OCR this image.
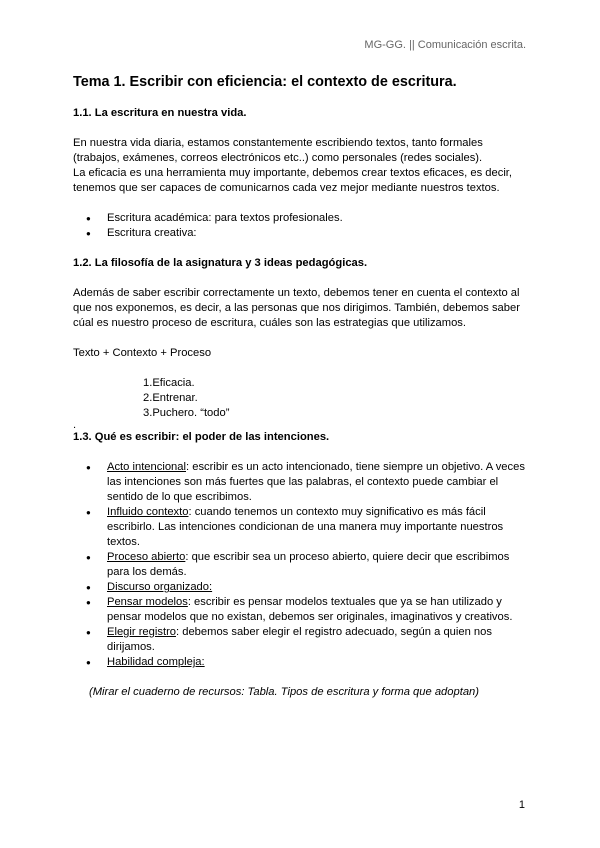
MG-GG. || Comunicación escrita.

Tema 1. Escribir con eficiencia: el contexto de escritura.

1.1. La escritura en nuestra vida.

En nuestra vida diaria, estamos constantemente escribiendo textos, tanto formales

(trabajos, exámenes, correos electrónicos etc..) como personales (redes sociales).

La eficacia es una herramienta muy importante, debemos crear textos eficaces, es decir,

tenemos que ser capaces de comunicarnos cada vez mejor mediante nuestros textos.

● Escritura académica: para textos profesionales.
● Escritura creativa:

1.2. La filosofía de la asignatura y 3 ideas pedagógicas.

Además de saber escribir correctamente un texto, debemos tener en cuenta el contexto al

que nos exponemos, es decir, a las personas que nos dirigimos. También, debemos saber

cúal es nuestro proceso de escritura, cuáles son las estrategias que utilizamos.

Texto + Contexto + Proceso

1.Eficacia.

2.Entrenar.

3.Puchero. “todo”

.

1.3. Qué es escribir: el poder de las intenciones.

● Acto intencional: escribir es un acto intencionado, tiene siempre un objetivo. A veces
las intenciones son más fuertes que las palabras, el contexto puede cambiar el
sentido de lo que escribimos.
● Influido contexto: cuando tenemos un contexto muy significativo es más fácil
escribirlo. Las intenciones condicionan de una manera muy importante nuestros
textos.
● Proceso abierto: que escribir sea un proceso abierto, quiere decir que escribimos
para los demás.
● Discurso organizado:
● Pensar modelos: escribir es pensar modelos textuales que ya se han utilizado y
pensar modelos que no existan, debemos ser originales, imaginativos y creativos.
● Elegir registro: debemos saber elegir el registro adecuado, según a quien nos
dirijamos.
● Habilidad compleja:

(Mirar el cuaderno de recursos: Tabla. Tipos de escritura y forma que adoptan)

1
